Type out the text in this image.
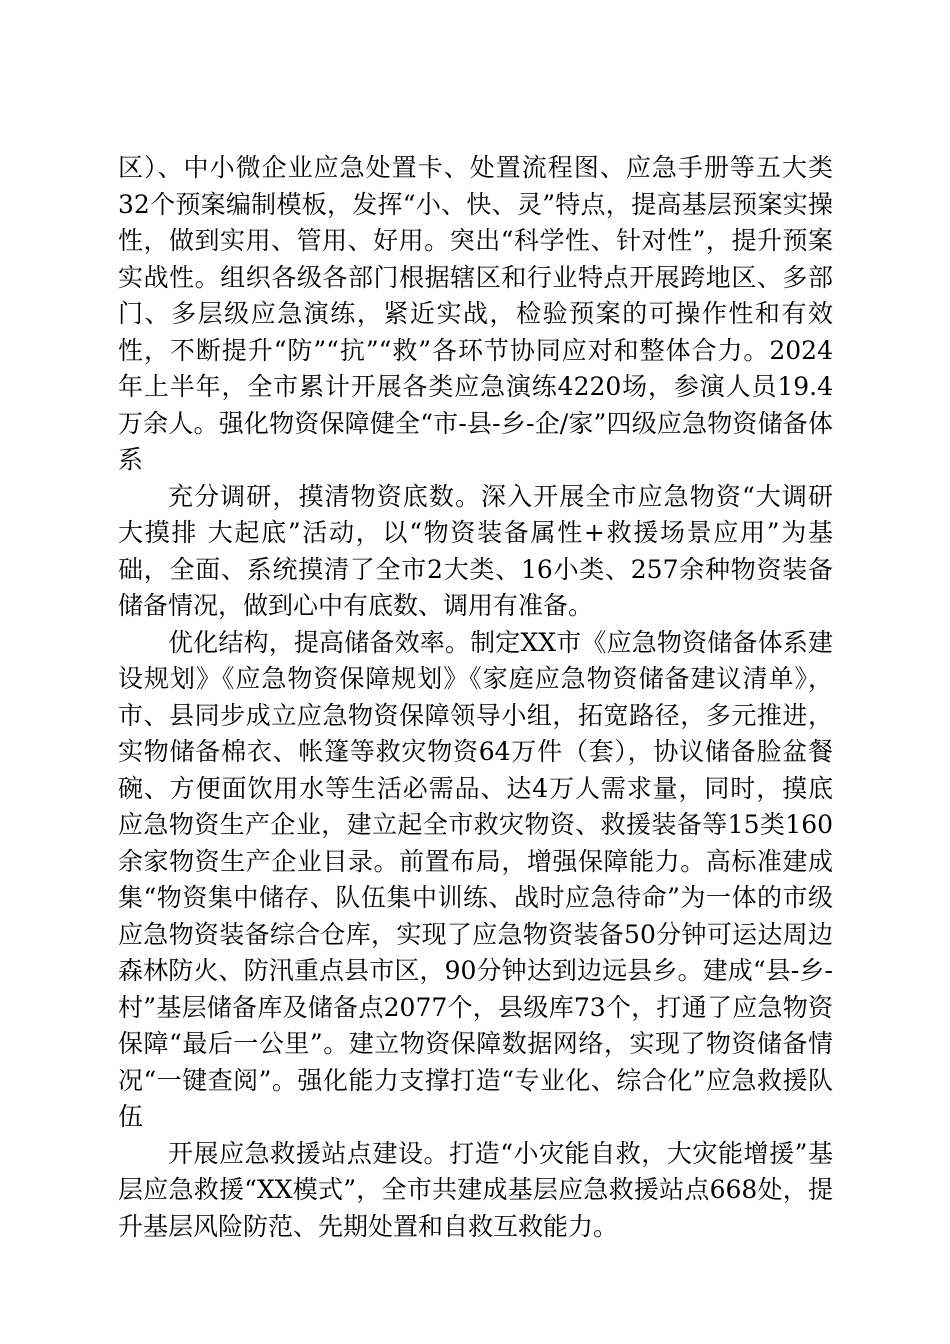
区）、中小微企业应急处置卡、处置流程图、应急手册等五大类32个预案编制模板，发挥“小、快、灵”特点，提高基层预案实操性，做到实用、管用、好用。突出“科学性、针对性”，提升预案实战性。组织各级各部门根据辖区和行业特点开展跨地区、多部门、多层级应急演练，紧近实战，检验预案的可操作性和有效性，不断提升“防”“抗”“救”各环节协同应对和整体合力。2024年上半年，全市累计开展各类应急演练4220场，参演人员19.4万余人。强化物资保障健全“市-县-乡-企/家”四级应急物资储备体系

充分调研，摸清物资底数。深入开展全市应急物资“大调研 大摸排 大起底”活动，以“物资装备属性+救援场景应用”为基础，全面、系统摸清了全市2大类、16小类、257余种物资装备储备情况，做到心中有底数、调用有准备。

优化结构，提高储备效率。制定XX市《应急物资储备体系建设规划》《应急物资保障规划》《家庭应急物资储备建议清单》，市、县同步成立应急物资保障领导小组，拓宽路径，多元推进，实物储备棉衣、帐篷等救灾物资64万件（套），协议储备脸盆餐碗、方便面饮用水等生活必需品、达4万人需求量，同时，摸底应急物资生产企业，建立起全市救灾物资、救援装备等15类160余家物资生产企业目录。前置布局，增强保障能力。高标准建成集“物资集中储存、队伍集中训练、战时应急待命”为一体的市级应急物资装备综合仓库，实现了应急物资装备50分钟可运达周边森林防火、防汛重点县市区，90分钟达到边远县乡。建成“县-乡-村”基层储备库及储备点2077个，县级库73个，打通了应急物资保障“最后一公里”。建立物资保障数据网络，实现了物资储备情况“一键查阅”。强化能力支撑打造“专业化、综合化”应急救援队伍

开展应急救援站点建设。打造“小灾能自救，大灾能增援”基层应急救援“XX模式”，全市共建成基层应急救援站点668处，提升基层风险防范、先期处置和自救互救能力。
